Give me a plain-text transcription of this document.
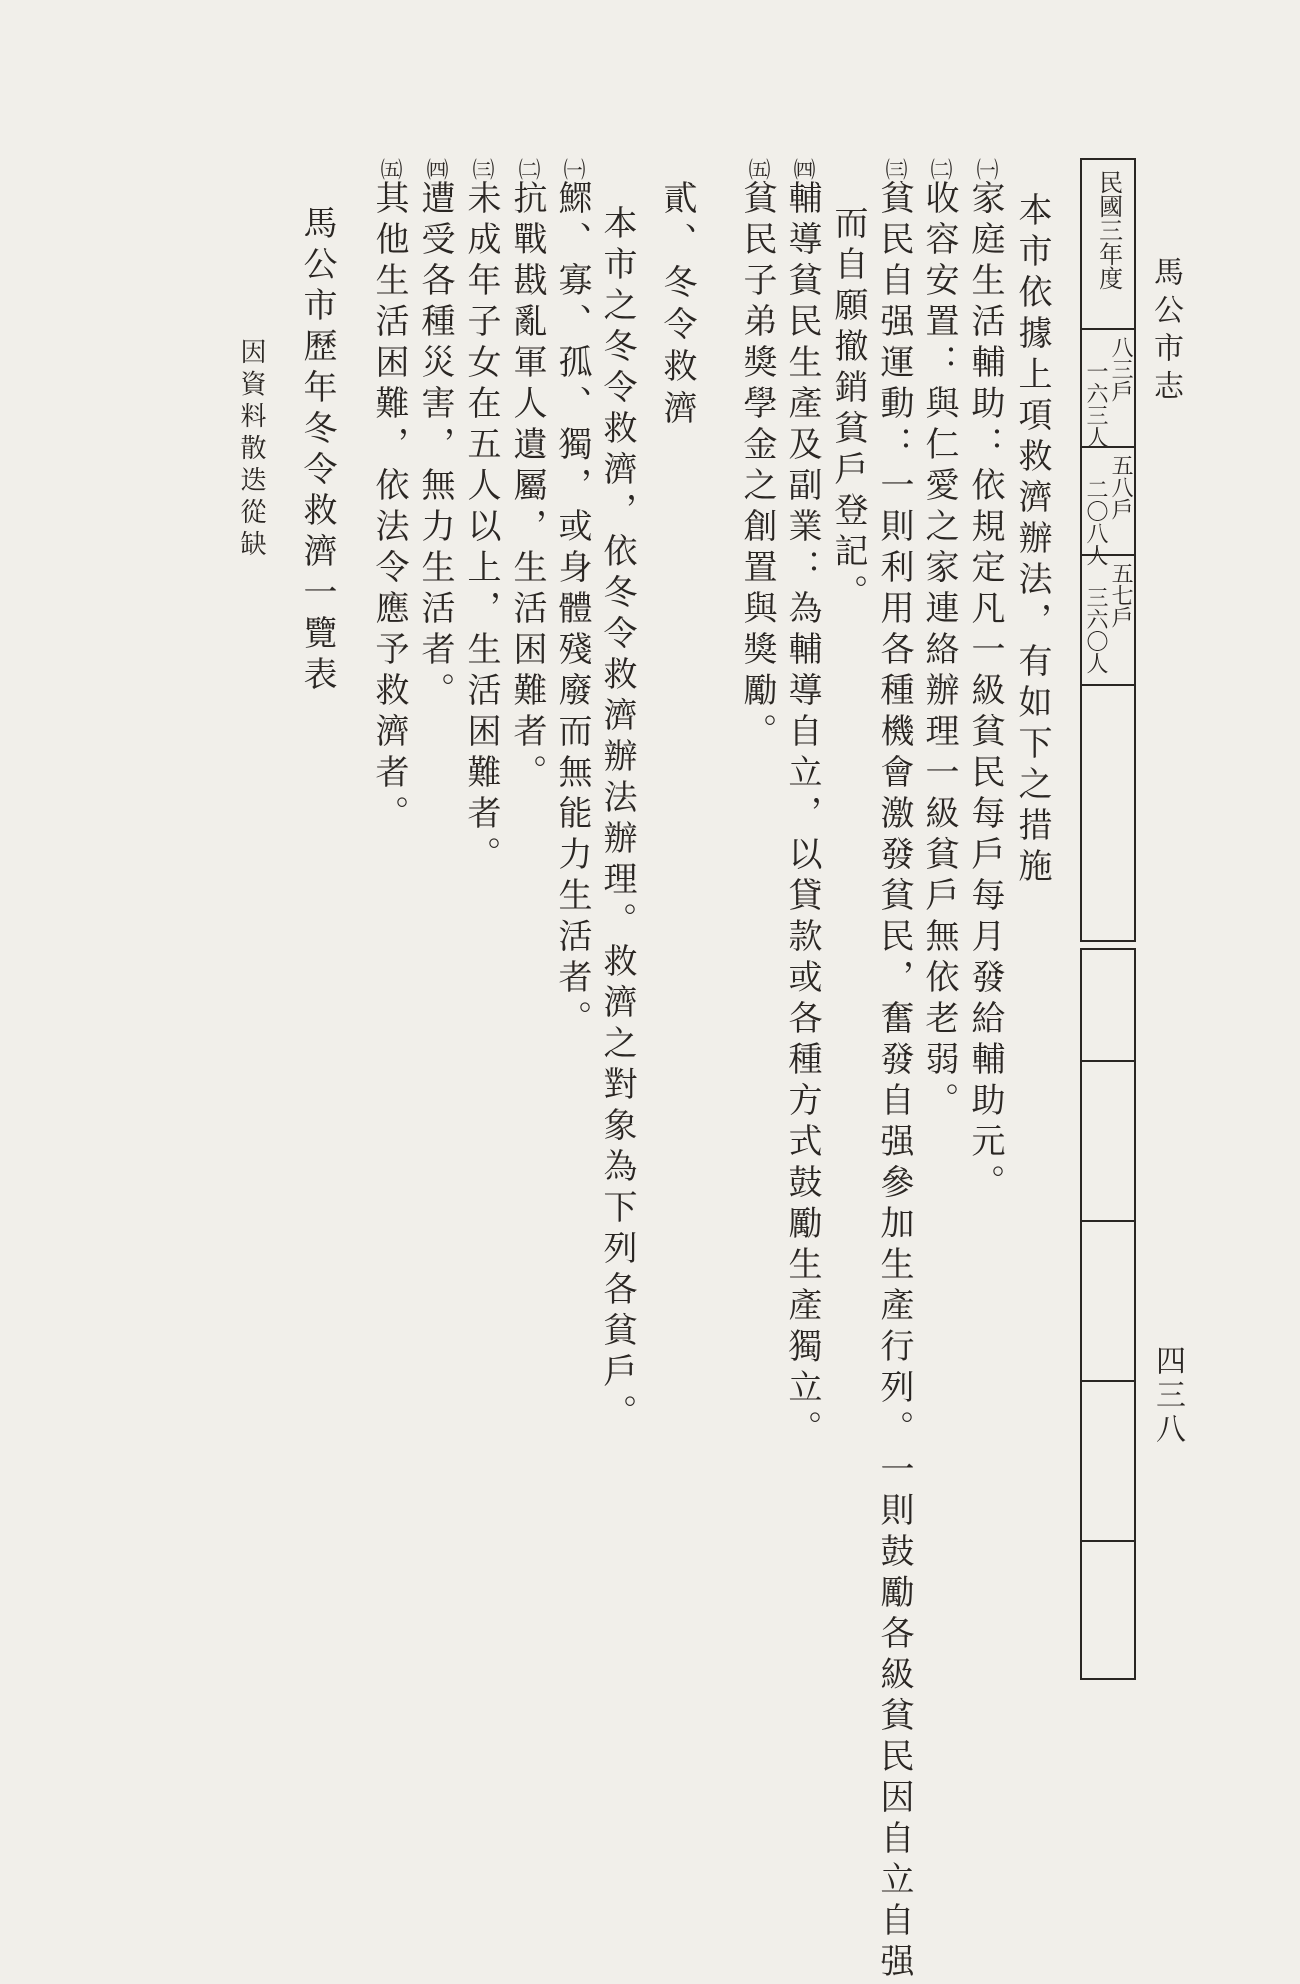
馬公市志
四三八
民國三年度
八三戶
一六三人
五八戶
二〇八人
五七戶
三六〇人
本市依據上項救濟辦法，有如下之措施
㈠家庭生活輔助：依規定凡一級貧民每戶每月發給輔助元。
㈡收容安置：與仁愛之家連絡辦理一級貧戶無依老弱。
㈢貧民自强運動：一則利用各種機會激發貧民，奮發自强參加生產行列。一則鼓勵各級貧民因自立自强
而自願撤銷貧戶登記。
㈣輔導貧民生產及副業：為輔導自立，以貸款或各種方式鼓勵生產獨立。
㈤貧民子弟獎學金之創置與獎勵。
貳、冬令救濟
本市之冬令救濟，依冬令救濟辦法辦理。救濟之對象為下列各貧戶。
㈠鰥、寡、孤、獨，或身體殘廢而無能力生活者。
㈡抗戰戡亂軍人遺屬，生活困難者。
㈢未成年子女在五人以上，生活困難者。
㈣遭受各種災害，無力生活者。
㈤其他生活困難，依法令應予救濟者。
馬公市歷年冬令救濟一覽表
因資料散迭從缺
